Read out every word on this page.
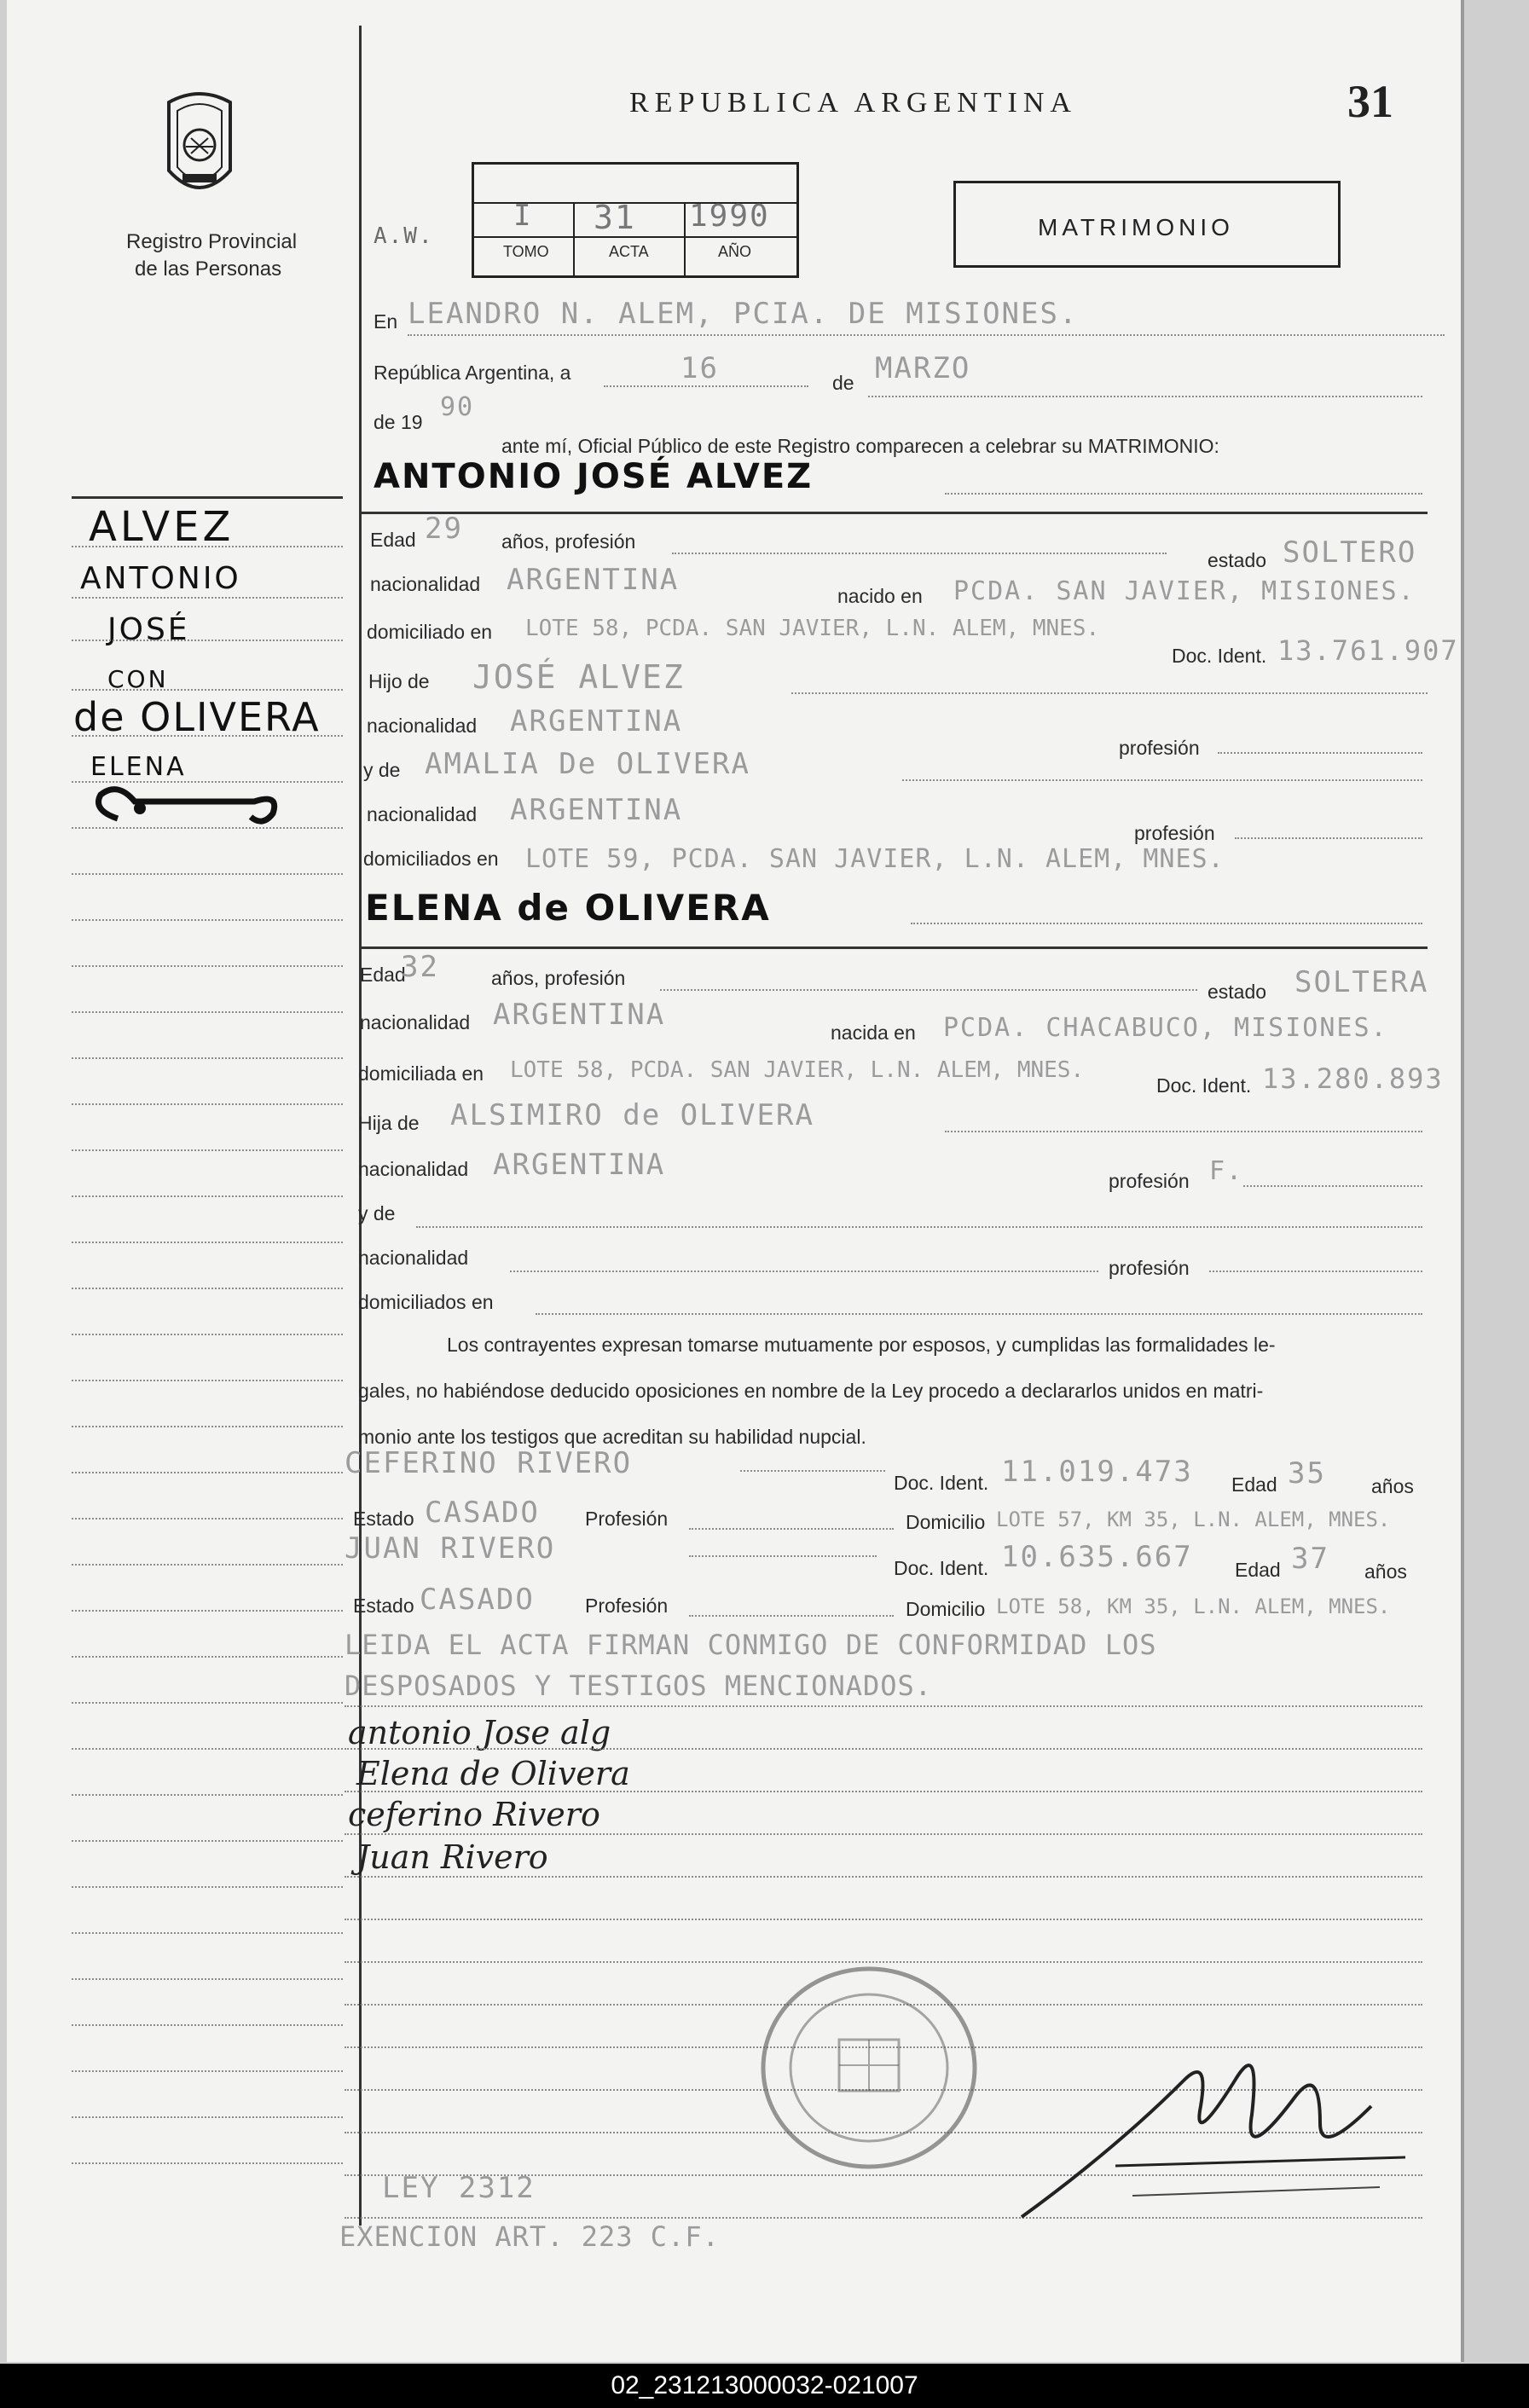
Registro Provincial
de las Personas
REPUBLICA ARGENTINA	31
A.W.
I 31 1990
TOMO	ACTA	AÑO
MATRIMONIO
ALVEZ
ANTONIO
JOSÉ
CON
de OLIVERA
ELENA
En LEANDRO N. ALEM, PCIA. DE MISIONES.
República Argentina, a	16	de MARZO
de 19 90
ante mí, Oficial Público de este Registro comparecen a celebrar su MATRIMONIO:
ANTONIO JOSÉ ALVEZ
Edad 29 años, profesión
estado SOLTERO
nacionalidad ARGENTINA	nacido en PCDA. SAN JAVIER, MISIONES.
domiciliado en LOTE 58, PCDA. SAN JAVIER, L.N. ALEM, MNES.
Doc. Ident. 13.761.907
Hijo de JOSÉ ALVEZ
nacionalidad ARGENTINA
profesión
y de AMALIA De OLIVERA
nacionalidad ARGENTINA
profesión
domiciliados en LOTE 59, PCDA. SAN JAVIER, L.N. ALEM, MNES.
ELENA de OLIVERA
Edad
32	años, profesión
estado SOLTERA
nacionalidad ARGENTINA
nacida en PCDA. CHACABUCO, MISIONES.
domiciliada en LOTE 58, PCDA. SAN JAVIER, L.N. ALEM, MNES.
Doc. Ident. 13.280.893
Hija de ALSIMIRO de OLIVERA
nacionalidad ARGENTINA	profesión F.
y de
nacionalidad	profesión
domiciliados en
Los contrayentes expresan tomarse mutuamente por esposos, y cumplidas las formalidades le-
gales, no habiéndose deducido oposiciones en nombre de la Ley procedo a declararlos unidos en matri-
monio ante los testigos que acreditan su habilidad nupcial.
CEFERINO RIVERO
Doc. Ident. 11.019.473 Edad 35 años
Estado CASADO Profesión	Domicilio LOTE 57, KM 35, L.N. ALEM, MNES.
JUAN RIVERO
Doc. Ident. 10.635.667 Edad 37 años
Estado CASADO	Profesión	Domicilio LOTE 58, KM 35, L.N. ALEM, MNES.
LEIDA EL ACTA FIRMAN CONMIGO DE CONFORMIDAD LOS
DESPOSADOS Y TESTIGOS MENCIONADOS.
antonio Jose alg
Elena de Olivera
ceferino Rivero
Juan Rivero
LEY 2312
EXENCION ART. 223 C.F.
02_231213000032-021007
